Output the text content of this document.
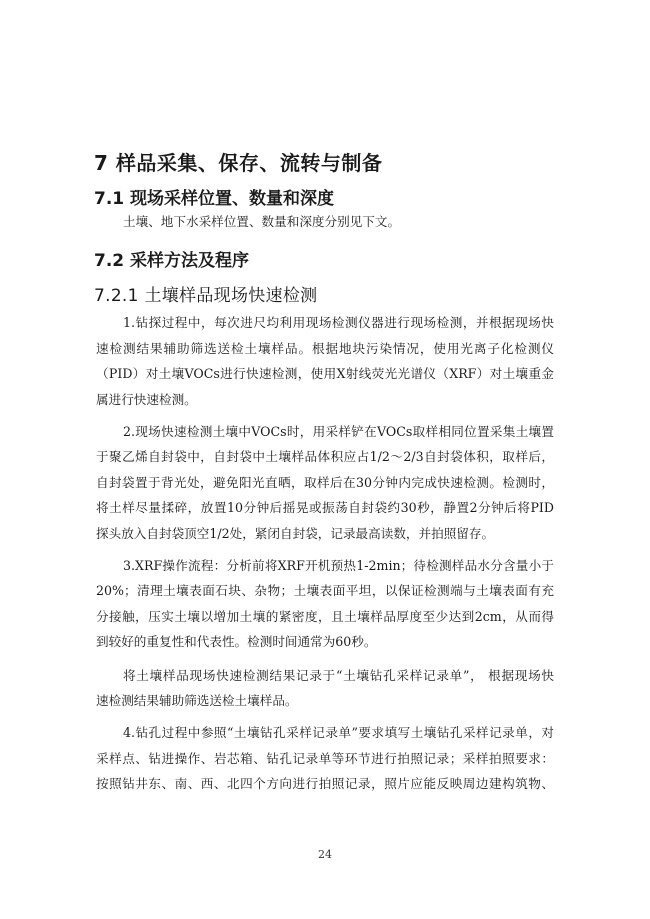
7 样品采集、保存、流转与制备
7.1 现场采样位置、数量和深度
土壤、地下水采样位置、数量和深度分别见下文。
7.2 采样方法及程序
7.2.1 土壤样品现场快速检测
1.钻探过程中，每次进尺均利用现场检测仪器进行现场检测，并根据现场快
速检测结果辅助筛选送检土壤样品。根据地块污染情况，使用光离子化检测仪
（PID）对土壤VOCs进行快速检测，使用X射线荧光光谱仪（XRF）对土壤重金
属进行快速检测。
2.现场快速检测土壤中VOCs时，用采样铲在VOCs取样相同位置采集土壤置
于聚乙烯自封袋中，自封袋中土壤样品体积应占1/2～2/3自封袋体积，取样后，
自封袋置于背光处，避免阳光直晒，取样后在30分钟内完成快速检测。检测时，
将土样尽量揉碎，放置10分钟后摇晃或振荡自封袋约30秒，静置2分钟后将PID
探头放入自封袋顶空1/2处，紧闭自封袋，记录最高读数，并拍照留存。
3.XRF操作流程：分析前将XRF开机预热1-2min；待检测样品水分含量小于
20%；清理土壤表面石块、杂物；土壤表面平坦，以保证检测端与土壤表面有充
分接触，压实土壤以增加土壤的紧密度，且土壤样品厚度至少达到2cm，从而得
到较好的重复性和代表性。检测时间通常为60秒。
将土壤样品现场快速检测结果记录于“土壤钻孔采样记录单”， 根据现场快
速检测结果辅助筛选送检土壤样品。
4.钻孔过程中参照“土壤钻孔采样记录单”要求填写土壤钻孔采样记录单，对
采样点、钻进操作、岩芯箱、钻孔记录单等环节进行拍照记录；采样拍照要求：
按照钻井东、南、西、北四个方向进行拍照记录，照片应能反映周边建构筑物、
24
